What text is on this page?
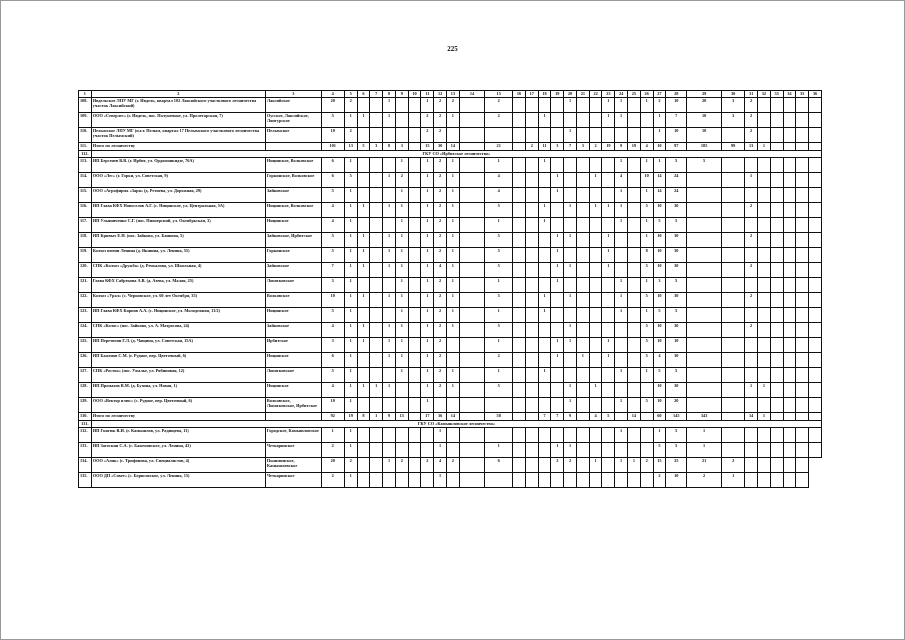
225
1	2	3	4	5	6	7	8	9	10	11	12	13	14	15	16	17	18	19	20	21	22	23	24	25	26	27	28	29	30	31	32	33	34	35	36
108.	Ивдельское ЛПУ МГ (г. Ивдель, квартал 102 Лаксийского участкового лесничества участок Лаксийский)	Лаксийское	20	2			1			1	2	2		2					1			1	1		1	2	10	20	3	2					
109.	ООО «Северлес» (г. Ивдель, пос. Полуночное, ул. Пролетарская, 7)	Оусское, Лаксийское, Ляпгурское	5	1	1		1			2	2	1		2			1					1	1			1	7	10	3	2					
110.	Пелымское ЛПУ МГ (п.г.т. Пелым, квартал 17 Пелымского участкового лесничества участок Пелымский)	Пелымское	10	2						2	2								1							1	10	10		2					
111.	Итого по лесничеству		101	13	5	3	8	3		15	30	14		21		2	11	3	7	3	2	19	9	19	4	10	97	185	99	13	1				
112.	ГКУ СО «Ирбитское лесничество»																																		
113.	ИП Берсенев В.В. (г. Ирбит, ул. Орджоникидзе, 76А)	Ницинское, Волковское	6	1				1		1	2	1		1			1						1		1	1	5	5							
114.	ООО «Лес» (г. Горки, ул. Советская, 9)	Горкинское, Волковское	6	5			1	2		1	2	1		4				1			1		4		10	14	24			1					
115.	ООО «Агрофирма «Заря» (д. Ретнева, ул. Дорожная, 29)	Зайковское	5	1				1		1	2	1		4				1					1		1	14	24								
116.	ИП Глава КФХ Новоселов А.Г. (с. Ницинское, ул. Центральная, 5А)	Ницинское, Волковское	4	1	1		1	1		1	2	1		5			1		1		1	1	1		5	10	30			2					
117.	ИП Ульяниченко С.Г. (пос. Пионерский, ул. Октябрьская, 3)	Ницинское	4	1				1		1	2	1		1			1						1		1	5	5								
118.	ИП Кривых Е.Н. (пос. Зайково, ул. Баннова, 5)	Зайковское, Ирбитское	5	1	1		1	1		1	2	1		5				1	1			1			1	10	30			2					
119.	Колхоз имени Ленина (д. Якшина, ул. Ленина, 55)	Горкинское	5	1	1		1	1		1	2	1		5				1				1			8	10	30								
120.	СПК «Колхоз «Дружба» (д. Речкалова, ул. Школьная, 4)	Зайковское	7	1	1		1	1		1	4	1		5				1	1			1			5	10	30			2					
121.	Глава КФХ Сабрекова А.В. (д. Азева, ул. Малая, 25)	Лопатковское	3	1				1		1	2	1		1				1					1		1	3	5								
122.	Колхоз «Урал» (с. Черновское, ул. 60 лет Октября, 35)	Волковское	10	1	1		1	1		1	2	1		5			1		1				1		5	10	30			2					
123.	ИП Глава КФХ Карпов А.А. (с. Ницинское, ул. Молодежная, 11/2)	Ницинское	5	1				1		1	2	1		1			1						1		1	5	5								
124.	СПК «Колос» (пос. Зайково, ул. А. Матросова, 24)	Зайковское	4	1	1		1	1		1	2	1		5					1						5	10	30			2					
125.	ИП Перетягин Г.Л. (д. Чащина, ул. Советская, 15А)	Ирбитское	3	1	1		1	1		1	2			1				1	1			1			5	10	10								
126.	ИП Баженов С.М. (г. Рудное, пер. Цветочный, 6)	Ницинское	6	1			1	1		1	2			2				1		1		1			5	4	30								
127.	СПК «Росток» (пос. Ужалье, ул. Рябиновая, 12)	Лопатковское	5	1				1		1	2	1		1			1						1		1	5	5								
128.	ИП Промахов В.М. (д. Бузина, ул. Новая, 1)	Ницинское	4	1	1	1	1			1	2	1		5					1		1					10	30			1	1				
129.	ООО «Вектор плюс» (с. Рудное, пер. Цветочный, 6)	Волковское, Лопатковское, Ирбитское	10	1						1									1				1		5	10	20								
130.	Итого по лесничеству		92	19	8	1	9	15		17	36	14		58			7	7	9		4	5		14		60	145	343		14	1				
131.	ГКУ СО «Камышловское лесничество»																																		
132.	ИП Гнатюк В.И. (г. Камышлов, ул. Радищева, 11)	Городское, Камышловское	1	1							1												1			1	5	1							
133.	ИП Загоскин С.А. (с. Баженовское, ул. Ленина, 43)	Четкаринское	2	1							1			1				1	1							5	5	1							
134.	ООО «Алик» (с. Трифонова, ул. Специалистов, 4)	Пышминское, Камышловское	20	2			1	2		2	4	2		6				2	2		1		1	1	2	15	25	21	2						
135.	ООО ДП «Совет» (с. Борисовское, ул. Ленина, 15)	Четкаринское	2	1							1															2	10	2	1						
